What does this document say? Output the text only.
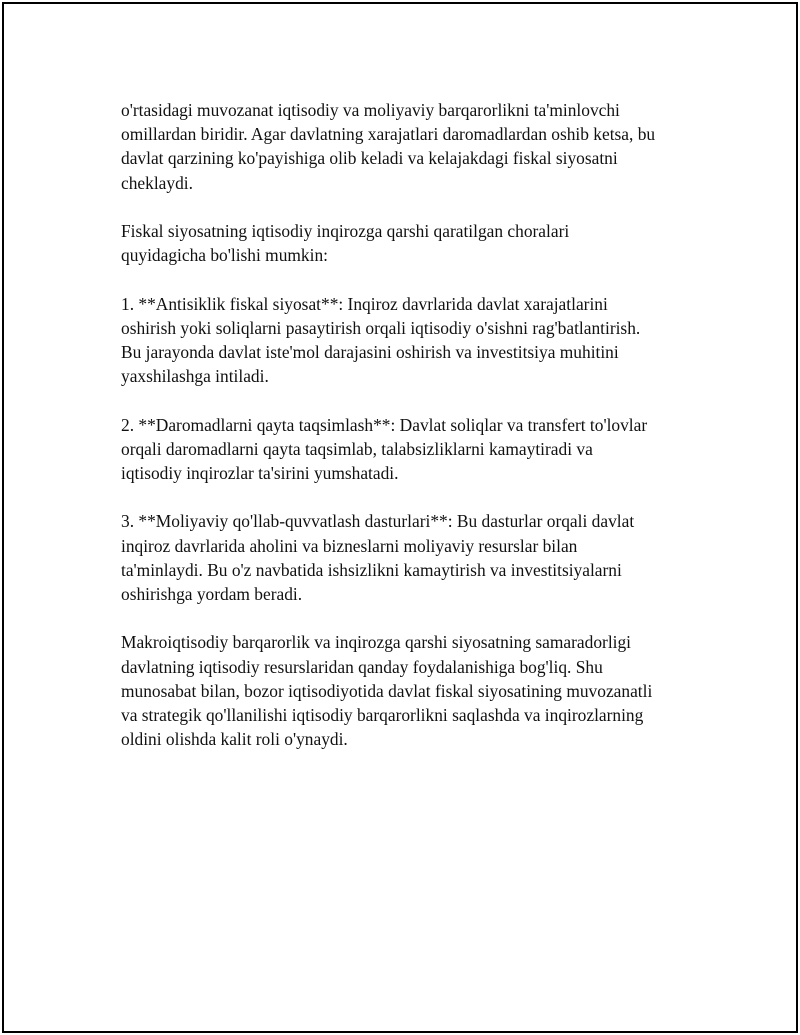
o'rtasidagi muvozanat iqtisodiy va moliyaviy barqarorlikni ta'minlovchi
omillardan biridir. Agar davlatning xarajatlari daromadlardan oshib ketsa, bu
davlat qarzining ko'payishiga olib keladi va kelajakdagi fiskal siyosatni
cheklaydi.

Fiskal siyosatning iqtisodiy inqirozga qarshi qaratilgan choralari
quyidagicha bo'lishi mumkin:

1. **Antisiklik fiskal siyosat**: Inqiroz davrlarida davlat xarajatlarini
oshirish yoki soliqlarni pasaytirish orqali iqtisodiy o'sishni rag'batlantirish.
Bu jarayonda davlat iste'mol darajasini oshirish va investitsiya muhitini
yaxshilashga intiladi.

2. **Daromadlarni qayta taqsimlash**: Davlat soliqlar va transfert to'lovlar
orqali daromadlarni qayta taqsimlab, talabsizliklarni kamaytiradi va
iqtisodiy inqirozlar ta'sirini yumshatadi.

3. **Moliyaviy qo'llab-quvvatlash dasturlari**: Bu dasturlar orqali davlat
inqiroz davrlarida aholini va bizneslarni moliyaviy resurslar bilan
ta'minlaydi. Bu o'z navbatida ishsizlikni kamaytirish va investitsiyalarni
oshirishga yordam beradi.

Makroiqtisodiy barqarorlik va inqirozga qarshi siyosatning samaradorligi
davlatning iqtisodiy resurslaridan qanday foydalanishiga bog'liq. Shu
munosabat bilan, bozor iqtisodiyotida davlat fiskal siyosatining muvozanatli
va strategik qo'llanilishi iqtisodiy barqarorlikni saqlashda va inqirozlarning
oldini olishda kalit roli o'ynaydi.
